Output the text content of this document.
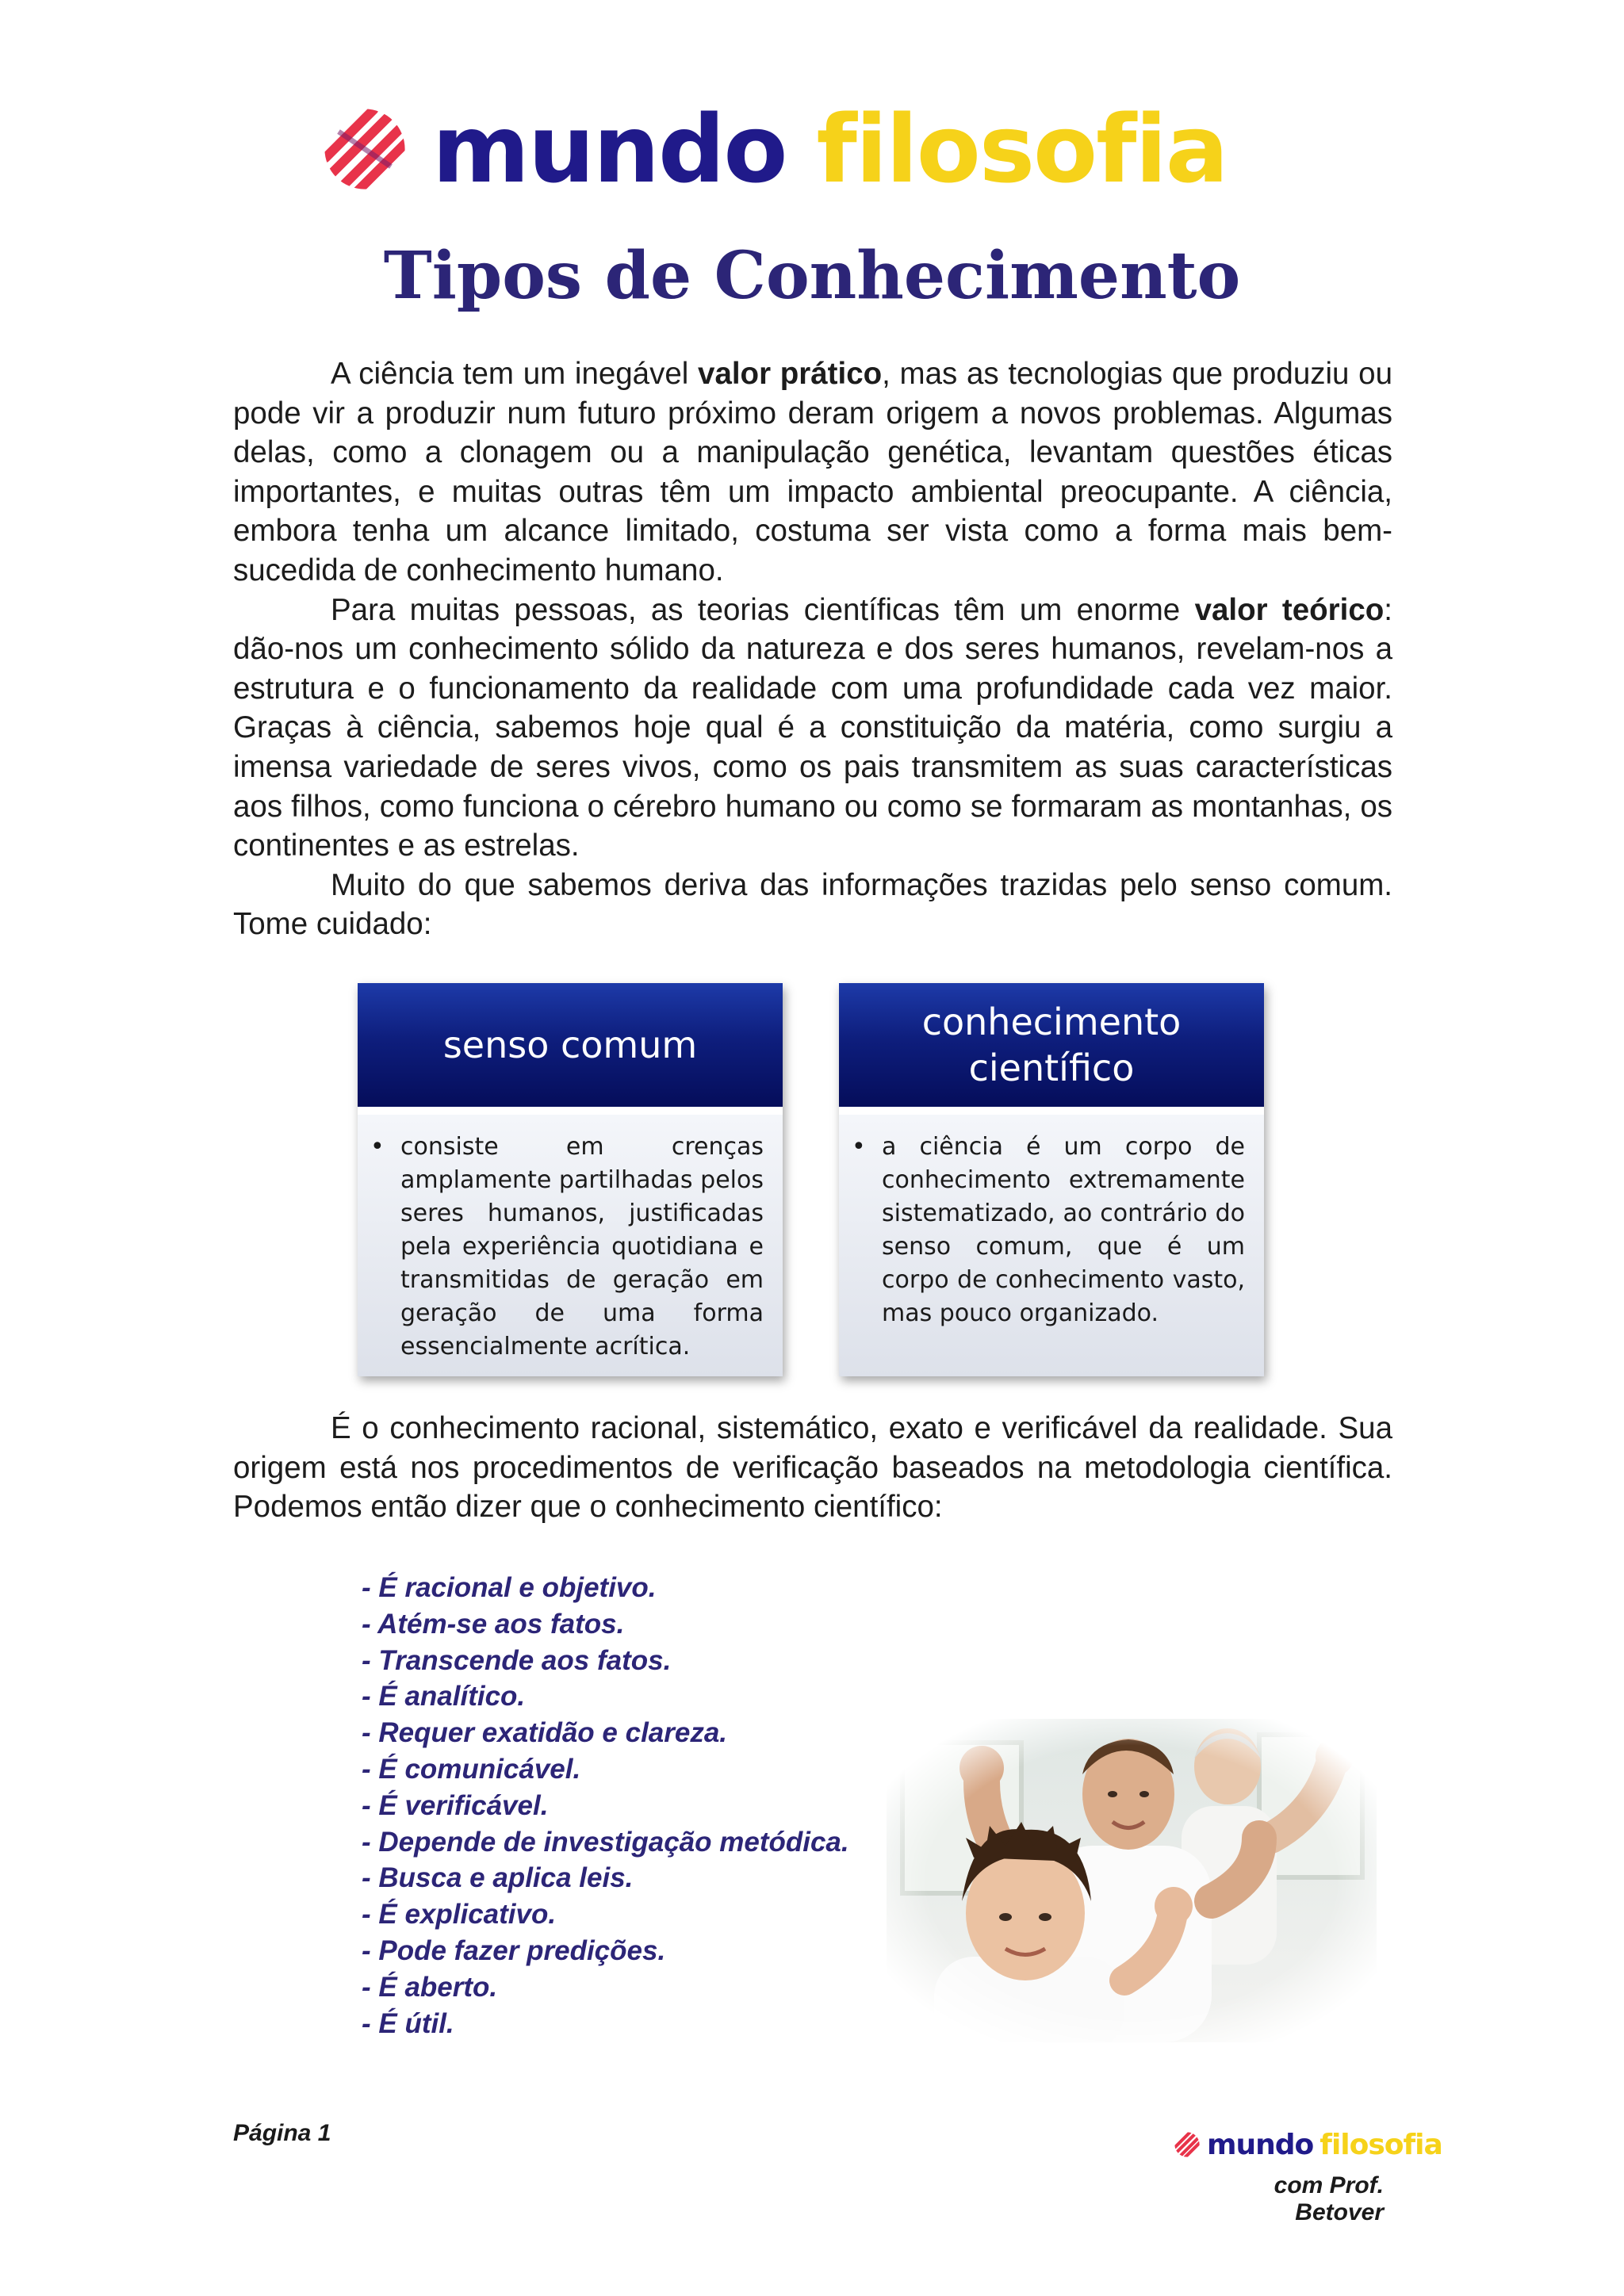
mundo filosofia
Tipos de Conhecimento

A ciência tem um inegável valor prático, mas as tecnologias que produziu ou pode vir a produzir num futuro próximo deram origem a novos problemas. Algumas delas, como a clonagem ou a manipulação genética, levantam questões éticas importantes, e muitas outras têm um impacto ambiental preocupante. A ciência, embora tenha um alcance limitado, costuma ser vista como a forma mais bem-sucedida de conhecimento humano.

Para muitas pessoas, as teorias científicas têm um enorme valor teórico: dão-nos um conhecimento sólido da natureza e dos seres humanos, revelam-nos a estrutura e o funcionamento da realidade com uma profundidade cada vez maior. Graças à ciência, sabemos hoje qual é a constituição da matéria, como surgiu a imensa variedade de seres vivos, como os pais transmitem as suas características aos filhos, como funciona o cérebro humano ou como se formaram as montanhas, os continentes e as estrelas.

Muito do que sabemos deriva das informações trazidas pelo senso comum. Tome cuidado:

senso comum
• consiste em crenças amplamente partilhadas pelos seres humanos, justificadas pela experiência quotidiana e transmitidas de geração em geração de uma forma essencialmente acrítica.
conhecimento científico
• a ciência é um corpo de conhecimento extremamente sistematizado, ao contrário do senso comum, que é um corpo de conhecimento vasto, mas pouco organizado.

É o conhecimento racional, sistemático, exato e verificável da realidade. Sua origem está nos procedimentos de verificação baseados na metodologia científica. Podemos então dizer que o conhecimento científico:

- É racional e objetivo.
- Atém-se aos fatos.
- Transcende aos fatos.
- É analítico.
- Requer exatidão e clareza.
- É comunicável.
- É verificável.
- Depende de investigação metódica.
- Busca e aplica leis.
- É explicativo.
- Pode fazer predições.
- É aberto.
- É útil.
Página 1	mundo filosofia
com Prof. Betover
